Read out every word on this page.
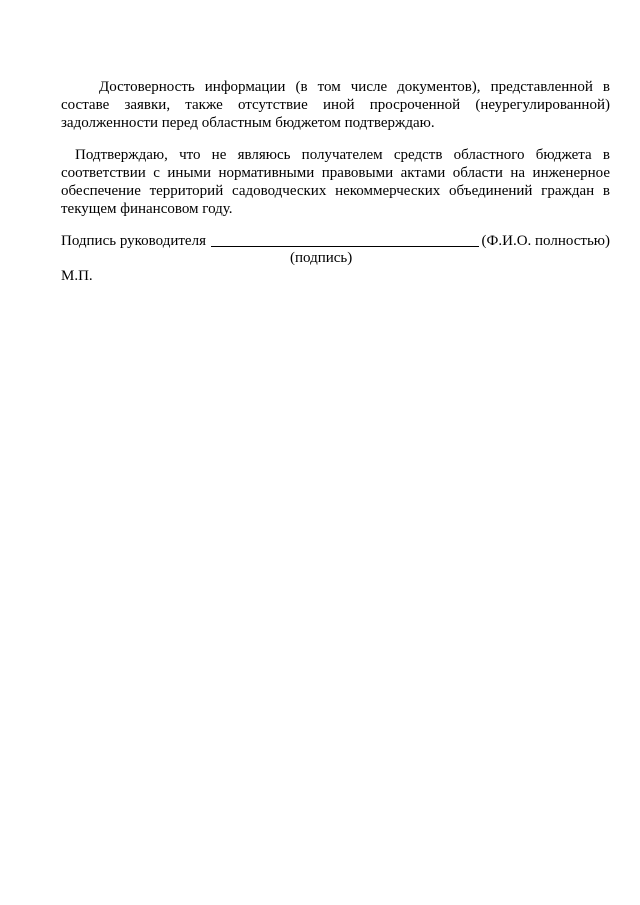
Достоверность информации (в том числе документов), представленной в составе заявки, также отсутствие иной просроченной (неурегулированной) задолженности перед областным бюджетом подтверждаю.

Подтверждаю, что не являюсь получателем средств областного бюджета в соответствии с иными нормативными правовыми актами области на инженерное обеспечение территорий садоводческих некоммерческих объединений граждан в текущем финансовом году.

Подпись руководителя	(Ф.И.О. полностью)
(подпись)
М.П.
